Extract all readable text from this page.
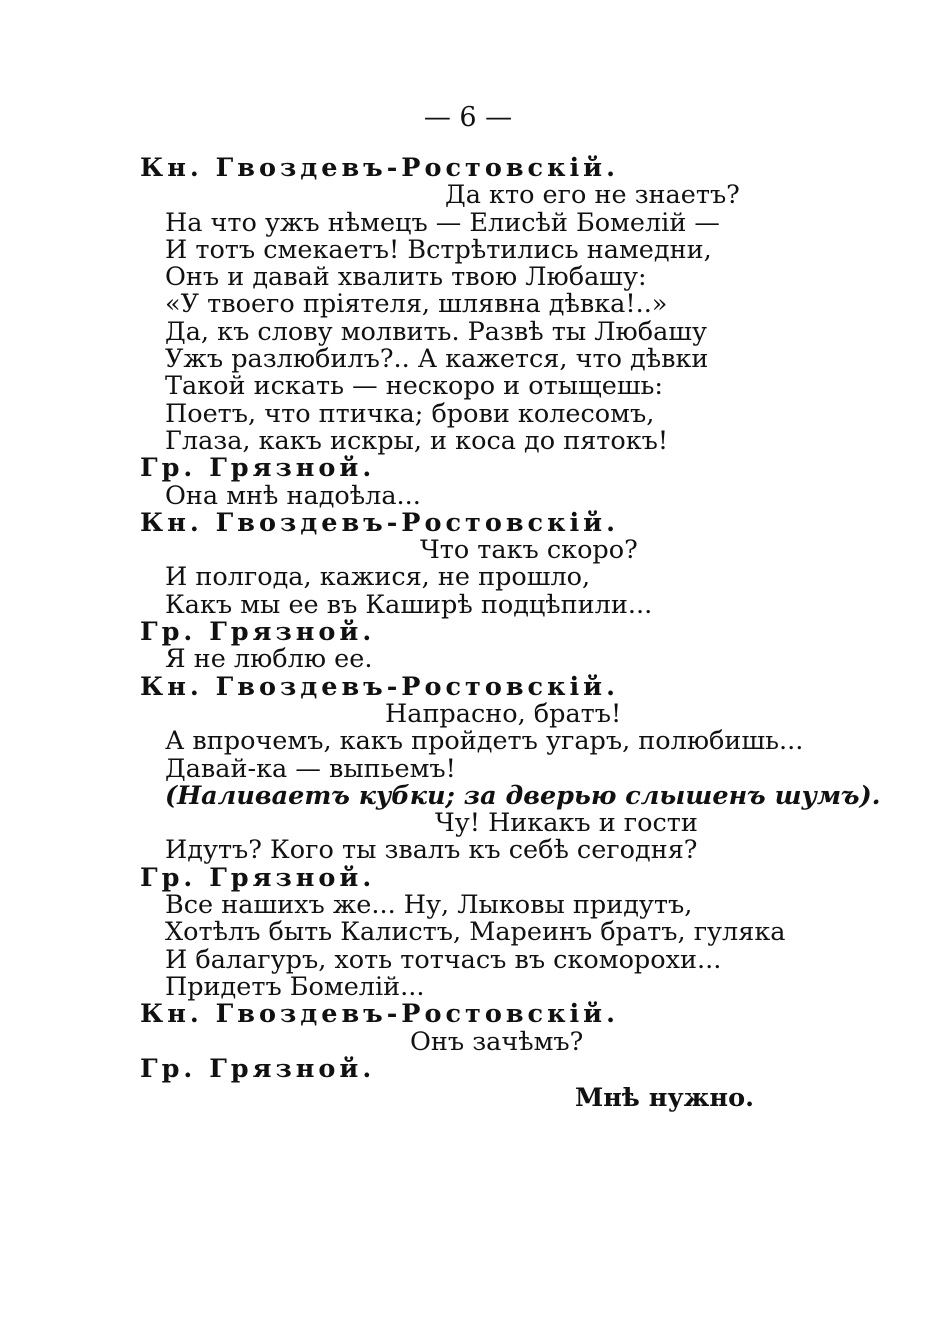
— 6 —
Кн. Гвоздевъ-Ростовскій.
Да кто его не знаетъ?
На что ужъ нѣмецъ — Елисѣй Бомелій —
И тотъ смекаетъ! Встрѣтились намедни,
Онъ и давай хвалить твою Любашу:
«У твоего пріятеля, шлявна дѣвка!..»
Да, къ слову молвить. Развѣ ты Любашу
Ужъ разлюбилъ?.. А кажется, что дѣвки
Такой искать — нескоро и отыщешь:
Поетъ, что птичка; брови колесомъ,
Глаза, какъ искры, и коса до пятокъ!
Гр. Грязной.
Она мнѣ надоѣла...
Кн. Гвоздевъ-Ростовскій.
Что такъ скоро?
И полгода, кажися, не прошло,
Какъ мы ее въ Каширѣ подцѣпили...
Гр. Грязной.
Я не люблю ее.
Кн. Гвоздевъ-Ростовскій.
Напрасно, братъ!
А впрочемъ, какъ пройдетъ угаръ, полюбишь...
Давай-ка — выпьемъ!
(Наливаетъ кубки; за дверью слышенъ шумъ).
Чу! Никакъ и гости
Идутъ? Кого ты звалъ къ себѣ сегодня?
Гр. Грязной.
Все нашихъ же... Ну, Лыковы придутъ,
Хотѣлъ быть Калистъ, Мареинъ братъ, гуляка
И балагуръ, хоть тотчасъ въ скоморохи...
Придетъ Бомелій...
Кн. Гвоздевъ-Ростовскій.
Онъ зачѣмъ?
Гр. Грязной.
Мнѣ нужно.
